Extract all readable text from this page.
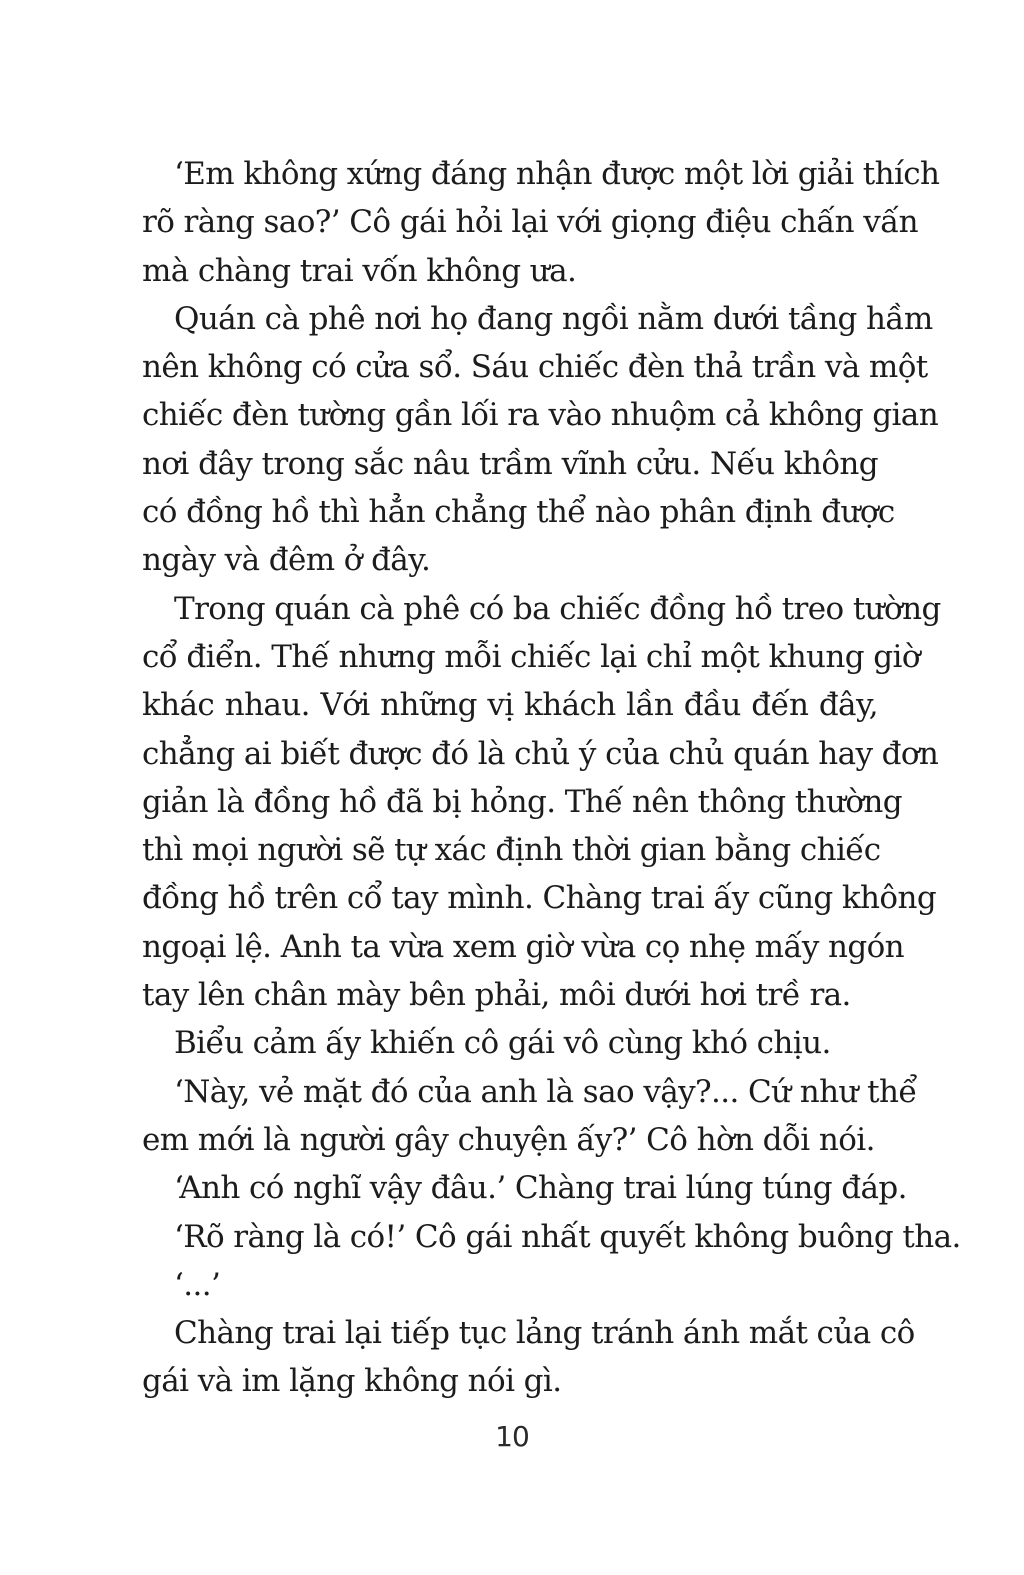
‘Em không xứng đáng nhận được một lời giải thích
rõ ràng sao?’ Cô gái hỏi lại với giọng điệu chấn vấn
mà chàng trai vốn không ưa.
Quán cà phê nơi họ đang ngồi nằm dưới tầng hầm
nên không có cửa sổ. Sáu chiếc đèn thả trần và một
chiếc đèn tường gần lối ra vào nhuộm cả không gian
nơi đây trong sắc nâu trầm vĩnh cửu. Nếu không
có đồng hồ thì hẳn chẳng thể nào phân định được
ngày và đêm ở đây.
Trong quán cà phê có ba chiếc đồng hồ treo tường
cổ điển. Thế nhưng mỗi chiếc lại chỉ một khung giờ
khác nhau. Với những vị khách lần đầu đến đây,
chẳng ai biết được đó là chủ ý của chủ quán hay đơn
giản là đồng hồ đã bị hỏng. Thế nên thông thường
thì mọi người sẽ tự xác định thời gian bằng chiếc
đồng hồ trên cổ tay mình. Chàng trai ấy cũng không
ngoại lệ. Anh ta vừa xem giờ vừa cọ nhẹ mấy ngón
tay lên chân mày bên phải, môi dưới hơi trề ra.
Biểu cảm ấy khiến cô gái vô cùng khó chịu.
‘Này, vẻ mặt đó của anh là sao vậy?... Cứ như thể
em mới là người gây chuyện ấy?’ Cô hờn dỗi nói.
‘Anh có nghĩ vậy đâu.’ Chàng trai lúng túng đáp.
‘Rõ ràng là có!’ Cô gái nhất quyết không buông tha.
‘...’
Chàng trai lại tiếp tục lảng tránh ánh mắt của cô
gái và im lặng không nói gì.
10
